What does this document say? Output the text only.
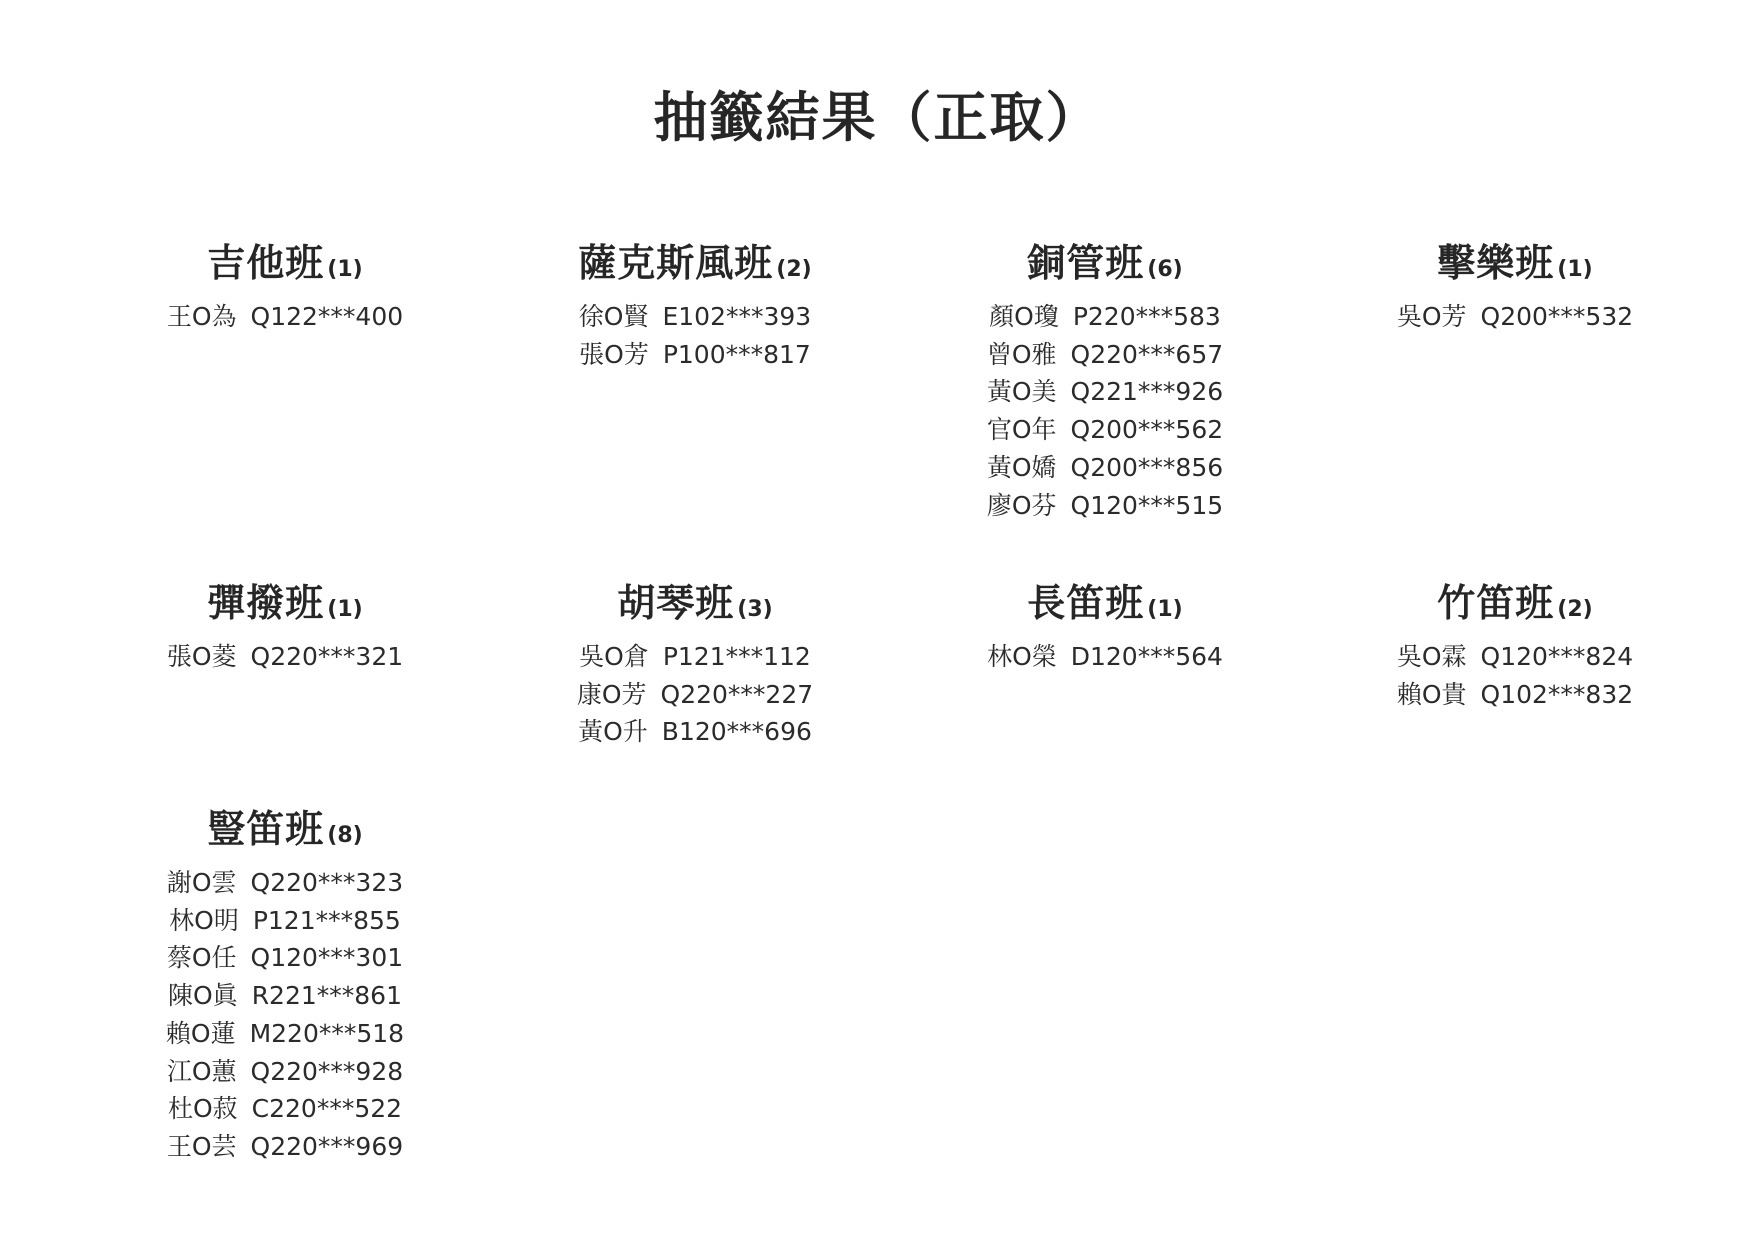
抽籤結果（正取）
吉他班 (1)
王O為 Q122***400
薩克斯風班 (2)
徐O賢 E102***393
張O芳 P100***817
銅管班 (6)
顏O瓊 P220***583
曾O雅 Q220***657
黃O美 Q221***926
官O年 Q200***562
黃O嬌 Q200***856
廖O芬 Q120***515
擊樂班 (1)
吳O芳 Q200***532
彈撥班 (1)
張O菱 Q220***321
胡琴班 (3)
吳O倉 P121***112
康O芳 Q220***227
黃O升 B120***696
長笛班 (1)
林O榮 D120***564
竹笛班 (2)
吳O霖 Q120***824
賴O貴 Q102***832
豎笛班 (8)
謝O雲 Q220***323
林O明 P121***855
蔡O任 Q120***301
陳O眞 R221***861
賴O蓮 M220***518
江O蕙 Q220***928
杜O菽 C220***522
王O芸 Q220***969
